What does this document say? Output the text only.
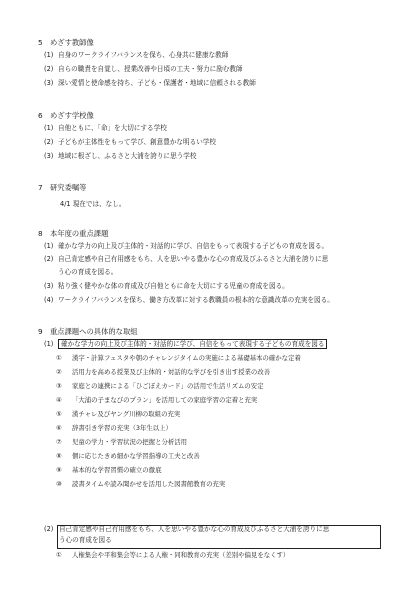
5 めざす教師像
(1) 自身のワークライフバランスを保ち、心身共に健康な教師
(2) 自らの職責を自覚し、授業改善や日頃の工夫・努力に励む教師
(3) 深い愛情と使命感を持ち、子ども・保護者・地域に信頼される教師
6 めざす学校像
(1) 自他ともに、「命」を大切にする学校
(2) 子どもが主体性をもって学び、創意豊かな明るい学校
(3) 地域に根ざし、ふるさと大浦を誇りに思う学校
7 研究委嘱等
4/1 現在では、なし。
8 本年度の重点課題
(1) 確かな学力の向上及び主体的・対話的に学び、自信をもって表現する子どもの育成を図る。
(2) 自己肯定感や自己有用感をもち、人を思いやる豊かな心の育成及びふるさと大浦を誇りに思
う心の育成を図る。
(3) 粘り強く健やかな体の育成及び自他ともに命を大切にする児童の育成を図る。
(4) ワークライフバランスを保ち、働き方改革に対する教職員の根本的な意識改革の充実を図る。
9 重点課題への具体的な取組
(1) 確かな学力の向上及び主体的・対話的に学び、自信をもって表現する子どもの育成を図る
① 漢字・計算フェスタや朝のチャレンジタイムの実施による基礎基本の確かな定着
② 活用力を高める授業及び主体的・対話的な学びを引き出す授業の改善
③ 家庭との連携による「ひごぼえカード」の活用で生活リズムの安定
④ 「大浦の子まなびのプラン」を活用しての家庭学習の定着と充実
⑤ 漢チャレ及びヤング川柳の取組の充実
⑥ 辞書引き学習の充実（3年生以上）
⑦ 児童の学力・学習状況の把握と分析活用
⑧ 個に応じたきめ細かな学習指導の工夫と改善
⑨ 基本的な学習習慣の確立の徹底
⑩ 読書タイムや読み聞かせを活用した図書館教育の充実
(2) 自己肯定感や自己有用感をもち、人を思いやる豊かな心の育成及びふるさと大浦を誇りに思
う心の育成を図る
① 人権集会や平和集会等による人権・同和教育の充実（差別や偏見をなくす）
